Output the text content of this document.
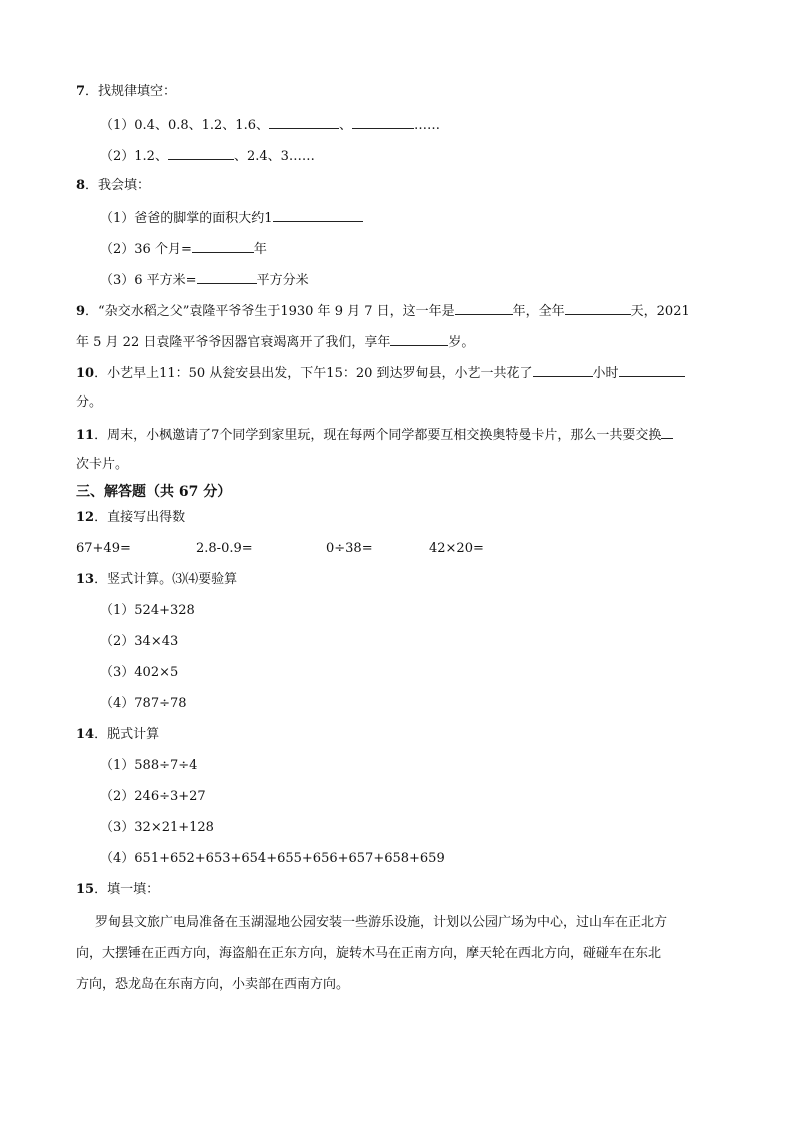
7．找规律填空：
（1）0.4、0.8、1.2、1.6、	、	……
（2）1.2、	、2.4、3……
8．我会填：
（1）爸爸的脚掌的面积大约1
（2）36 个月=	年
（3）6 平方米=	平方分米
9．“杂交水稻之父”袁隆平爷爷生于1930 年 9 月 7 日，这一年是	年，全年	天，2021
年 5 月 22 日袁隆平爷爷因器官衰竭离开了我们，享年	岁。
10．小艺早上11：50 从瓮安县出发，下午15：20 到达罗甸县，小艺一共花了	小时
分。
11．周末，小枫邀请了7个同学到家里玩，现在每两个同学都要互相交换奥特曼卡片，那么一共要交换
次卡片。
三、解答题（共 67 分）
12．直接写出得数
67+49=	2.8-0.9=	0÷38=	42×20=
13．竖式计算。⑶⑷要验算
（1）524+328
（2）34×43
（3）402×5
（4）787÷78
14．脱式计算
（1）588÷7÷4
（2）246÷3+27
（3）32×21+128
（4）651+652+653+654+655+656+657+658+659
15．填一填：
罗甸县文旅广电局准备在玉湖湿地公园安装一些游乐设施，计划以公园广场为中心，过山车在正北方
向，大摆锤在正西方向，海盗船在正东方向，旋转木马在正南方向，摩天轮在西北方向，碰碰车在东北
方向，恐龙岛在东南方向，小卖部在西南方向。
